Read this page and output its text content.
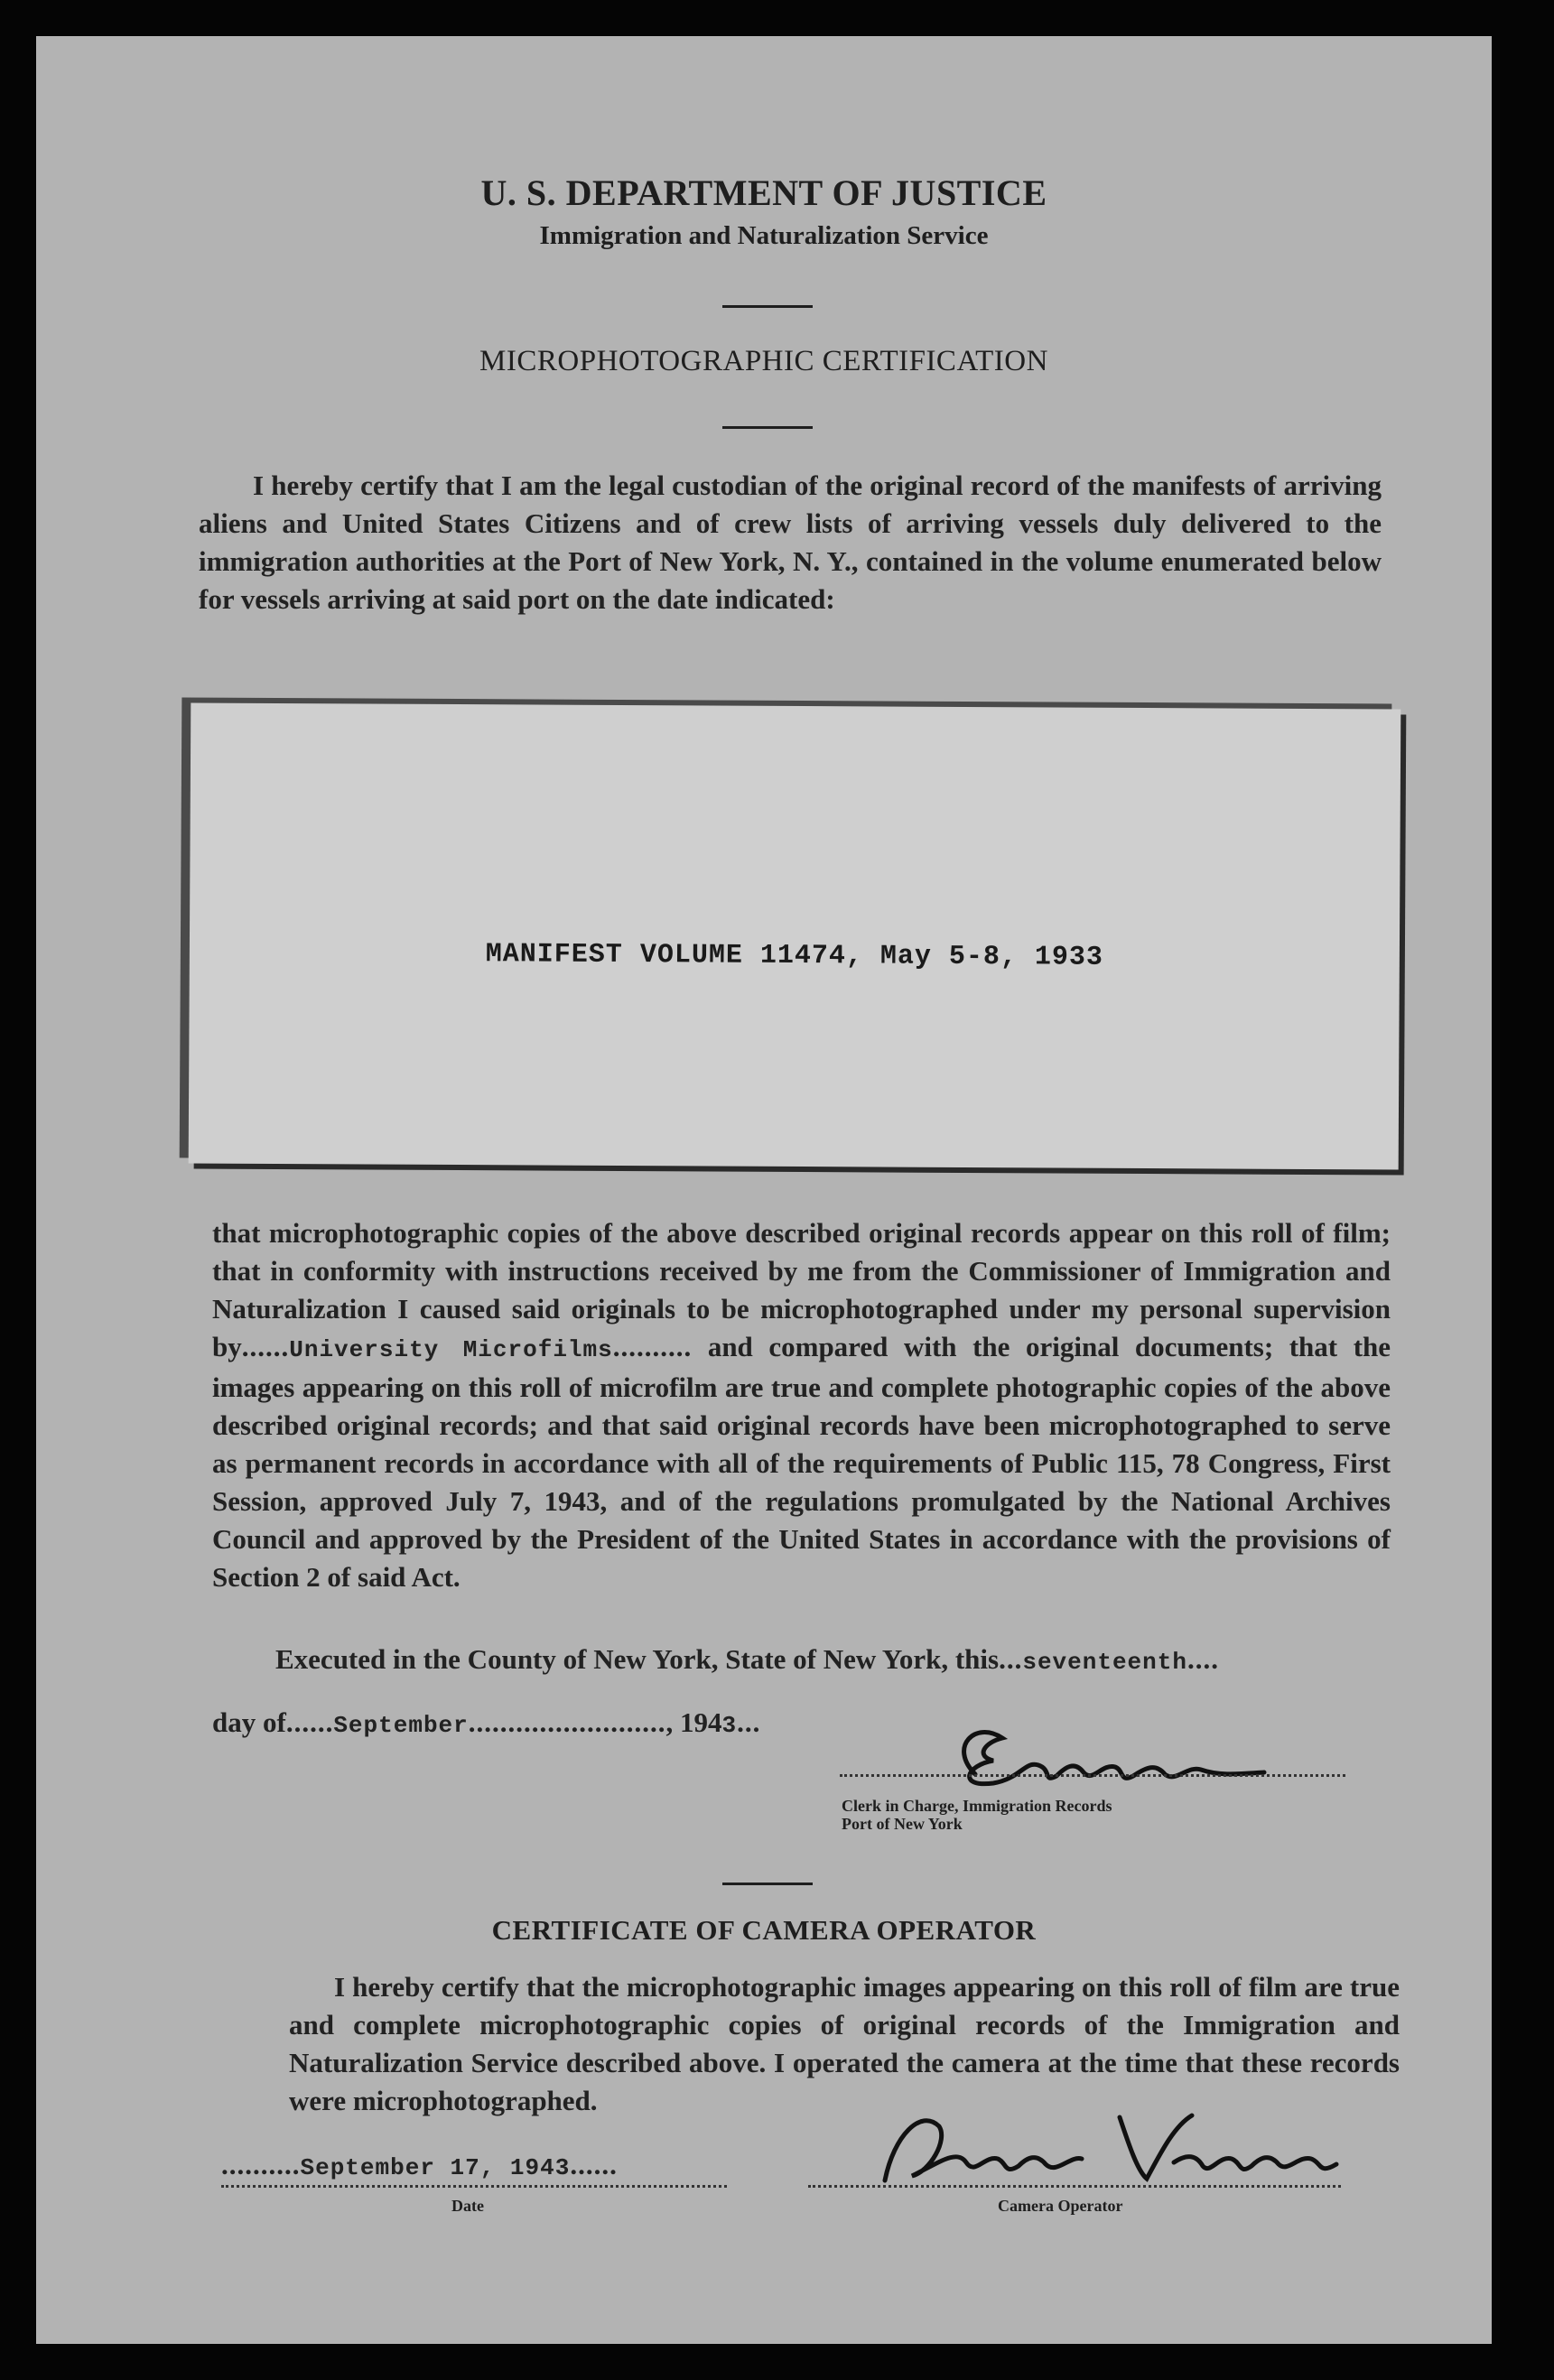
U. S. DEPARTMENT OF JUSTICE
Immigration and Naturalization Service
MICROPHOTOGRAPHIC CERTIFICATION
I hereby certify that I am the legal custodian of the original record of the manifests of arriving aliens and United States Citizens and of crew lists of arriving vessels duly delivered to the immigration authorities at the Port of New York, N. Y., contained in the volume enumerated below for vessels arriving at said port on the date indicated:
MANIFEST VOLUME 11474, May 5-8, 1933
that microphotographic copies of the above described original records appear on this roll of film; that in conformity with instructions received by me from the Commissioner of Immigration and Naturalization I caused said originals to be microphotographed under my personal supervision by......University Microfilms.......... and compared with the original documents; that the images appearing on this roll of microfilm are true and complete photographic copies of the above described original records; and that said original records have been microphotographed to serve as permanent records in accordance with all of the requirements of Public 115, 78 Congress, First Session, approved July 7, 1943, and of the regulations promulgated by the National Archives Council and approved by the President of the United States in accordance with the provisions of Section 2 of said Act.
Executed in the County of New York, State of New York, this...seventeenth....
day of......September........................., 1943...
Clerk in Charge, Immigration Records
Port of New York
CERTIFICATE OF CAMERA OPERATOR
I hereby certify that the microphotographic images appearing on this roll of film are true and complete microphotographic copies of original records of the Immigration and Naturalization Service described above. I operated the camera at the time that these records were microphotographed.
..........September 17, 1943......
Date	Camera Operator
